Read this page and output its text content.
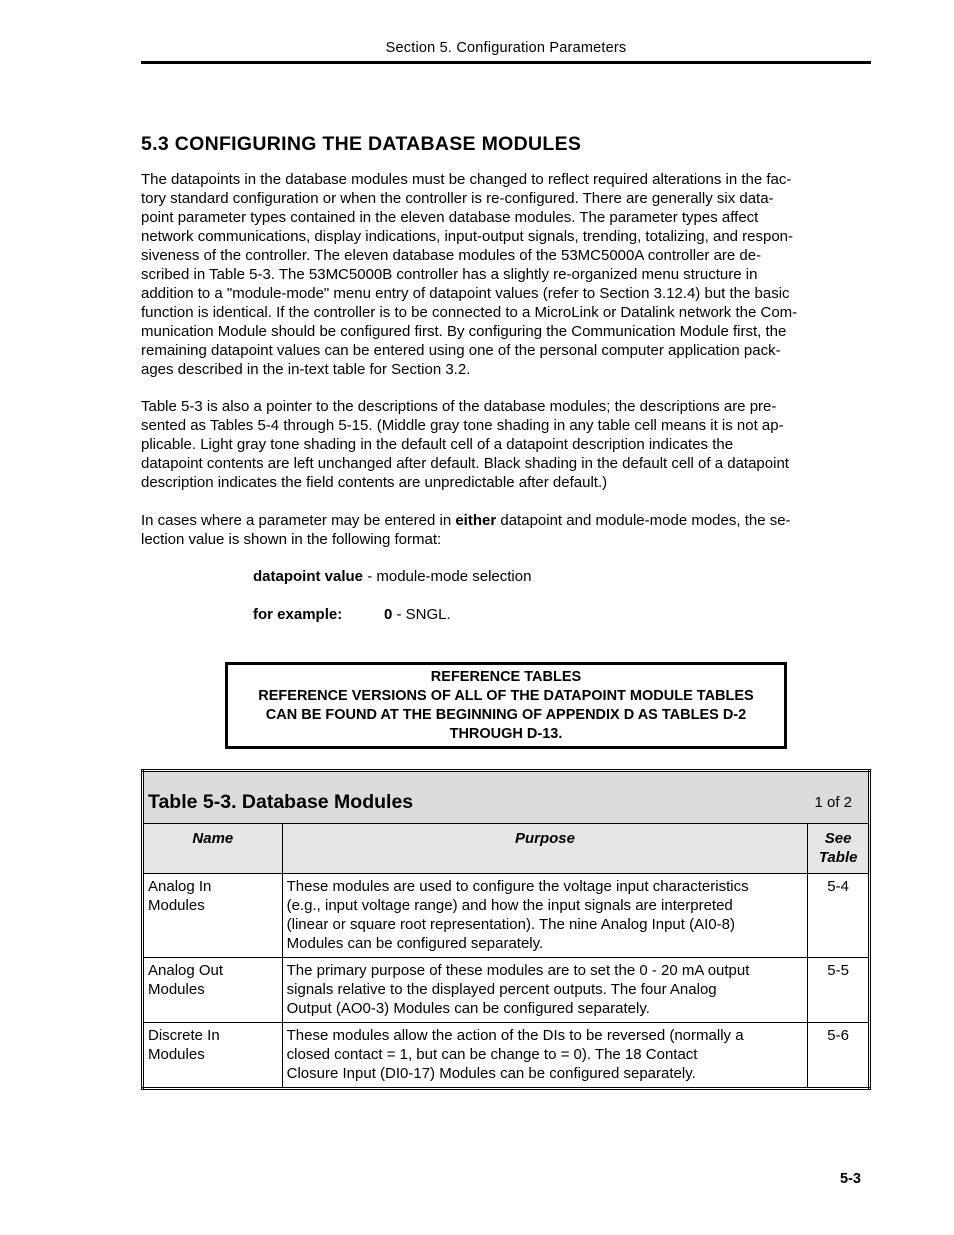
Section 5. Configuration Parameters
5.3 CONFIGURING THE DATABASE MODULES

The datapoints in the database modules must be changed to reflect required alterations in the fac-
tory standard configuration or when the controller is re-configured. There are generally six data-
point parameter types contained in the eleven database modules. The parameter types affect
network communications, display indications, input-output signals, trending, totalizing, and respon-
siveness of the controller. The eleven database modules of the 53MC5000A controller are de-
scribed in Table 5-3. The 53MC5000B controller has a slightly re-organized menu structure in
addition to a "module-mode" menu entry of datapoint values (refer to Section 3.12.4) but the basic
function is identical. If the controller is to be connected to a MicroLink or Datalink network the Com-
munication Module should be configured first. By configuring the Communication Module first, the
remaining datapoint values can be entered using one of the personal computer application pack-
ages described in the in-text table for Section 3.2.

Table 5-3 is also a pointer to the descriptions of the database modules; the descriptions are pre-
sented as Tables 5-4 through 5-15. (Middle gray tone shading in any table cell means it is not ap-
plicable. Light gray tone shading in the default cell of a datapoint description indicates the
datapoint contents are left unchanged after default. Black shading in the default cell of a datapoint
description indicates the field contents are unpredictable after default.)

In cases where a parameter may be entered in either datapoint and module-mode modes, the se-
lection value is shown in the following format:

datapoint value - module-mode selection
for example:	0 - SNGL.
REFERENCE TABLES
REFERENCE VERSIONS OF ALL OF THE DATAPOINT MODULE TABLES
CAN BE FOUND AT THE BEGINNING OF APPENDIX D AS TABLES D-2
THROUGH D-13.
Table 5-3. Database Modules 1 of 2		

Name	Purpose	See
Table

Analog In
Modules	These modules are used to configure the voltage input characteristics
(e.g., input voltage range) and how the input signals are interpreted
(linear or square root representation). The nine Analog Input (AI0-8)
Modules can be configured separately.	5-4

Analog Out
Modules	The primary purpose of these modules are to set the 0 - 20 mA output
signals relative to the displayed percent outputs. The four Analog
Output (AO0-3) Modules can be configured separately.	5-5

Discrete In
Modules	These modules allow the action of the DIs to be reversed (normally a
closed contact = 1, but can be change to = 0). The 18 Contact
Closure Input (DI0-17) Modules can be configured separately.	5-6
5-3
